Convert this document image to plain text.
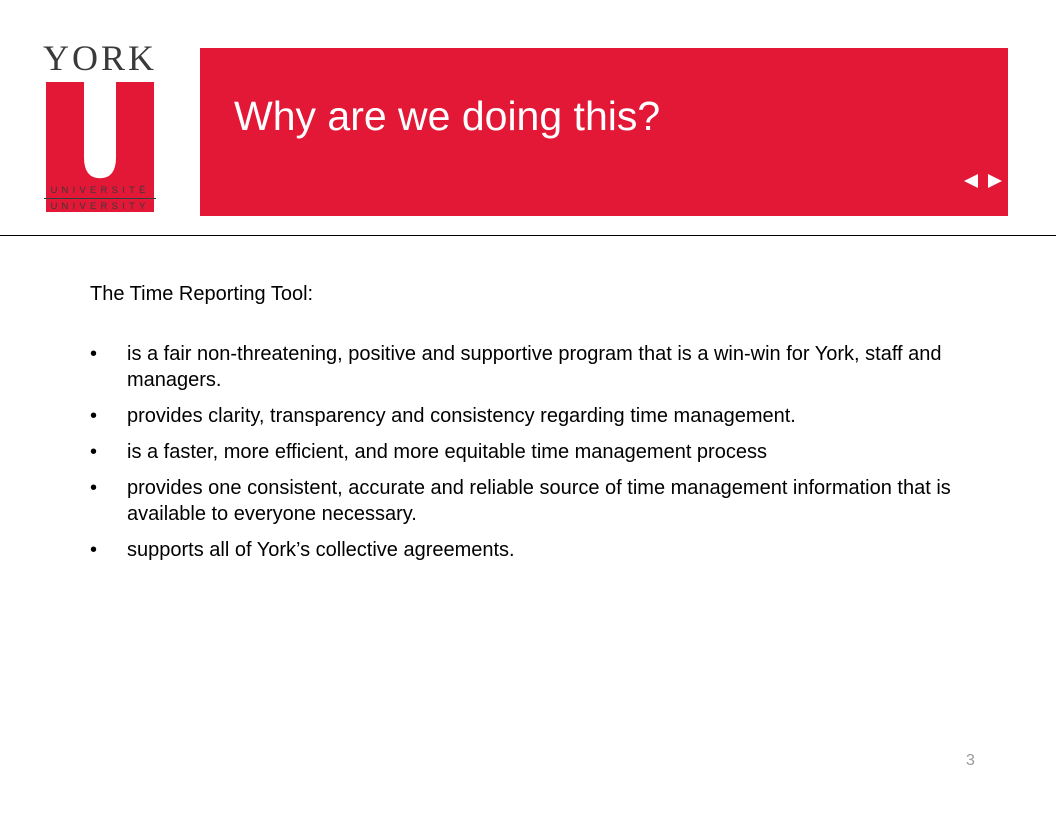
YORK
UNIVERSITÉ
UNIVERSITY
Why are we doing this?

The Time Reporting Tool:

• is a fair non-threatening, positive and supportive program that is a win-win for York, staff and managers.
• provides clarity, transparency and consistency regarding time management.
• is a faster, more efficient, and more equitable time management process
• provides one consistent, accurate and reliable source of time management information that is available to everyone necessary.
• supports all of York’s collective agreements.
3
